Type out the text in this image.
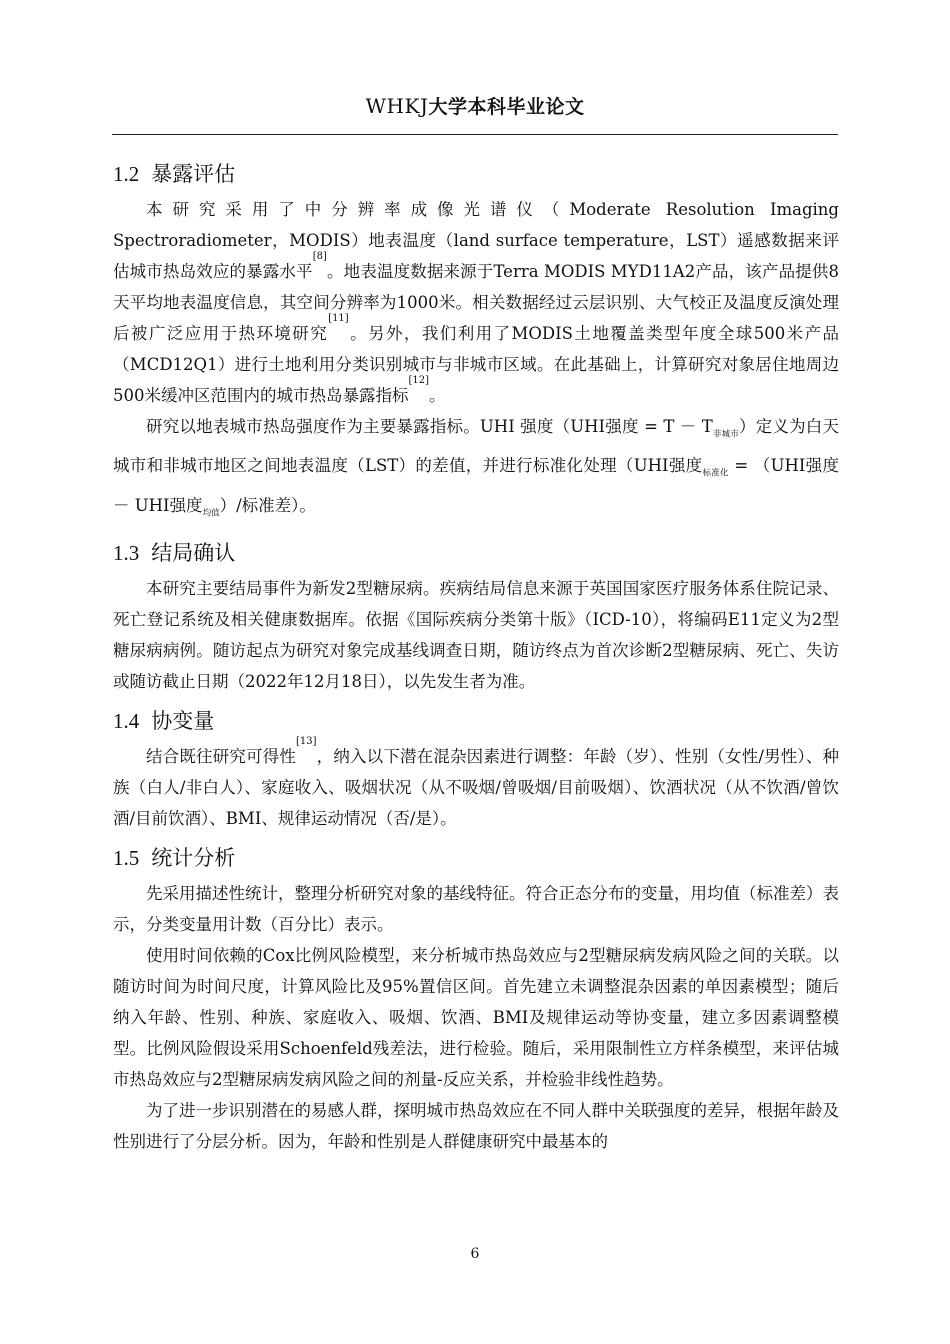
WHKJ大学本科毕业论文
1.2 暴露评估

本研究采用了中分辨率成像光谱仪（Moderate Resolution Imaging Spectroradiometer，MODIS）地表温度（land surface temperature，LST）遥感数据来评估城市热岛效应的暴露水平[8]。地表温度数据来源于Terra MODIS MYD11A2产品，该产品提供8天平均地表温度信息，其空间分辨率为1000米。相关数据经过云层识别、大气校正及温度反演处理后被广泛应用于热环境研究[11]。另外，我们利用了MODIS土地覆盖类型年度全球500米产品（MCD12Q1）进行土地利用分类识别城市与非城市区域。在此基础上，计算研究对象居住地周边500米缓冲区范围内的城市热岛暴露指标[12]。

研究以地表城市热岛强度作为主要暴露指标。UHI 强度（UHI强度 = $T - T_{非城市}$）定义为白天城市和非城市地区之间地表温度（LST）的差值，并进行标准化处理（UHI强度$_{标准化}$ = （UHI强度 － UHI强度$_{均值}$）/标准差）。

1.3 结局确认

本研究主要结局事件为新发2型糖尿病。疾病结局信息来源于英国国家医疗服务体系住院记录、死亡登记系统及相关健康数据库。依据《国际疾病分类第十版》（ICD-10），将编码E11定义为2型糖尿病病例。随访起点为研究对象完成基线调查日期，随访终点为首次诊断2型糖尿病、死亡、失访或随访截止日期（2022年12月18日），以先发生者为准。

1.4 协变量

结合既往研究可得性[13]，纳入以下潜在混杂因素进行调整：年龄（岁）、性别（女性/男性）、种族（白人/非白人）、家庭收入、吸烟状况（从不吸烟/曾吸烟/目前吸烟）、饮酒状况（从不饮酒/曾饮酒/目前饮酒）、BMI、规律运动情况（否/是）。

1.5 统计分析

先采用描述性统计，整理分析研究对象的基线特征。符合正态分布的变量，用均值（标准差）表示，分类变量用计数（百分比）表示。

使用时间依赖的Cox比例风险模型，来分析城市热岛效应与2型糖尿病发病风险之间的关联。以随访时间为时间尺度，计算风险比及95%置信区间。首先建立未调整混杂因素的单因素模型；随后纳入年龄、性别、种族、家庭收入、吸烟、饮酒、BMI及规律运动等协变量，建立多因素调整模型。比例风险假设采用Schoenfeld残差法，进行检验。随后，采用限制性立方样条模型，来评估城市热岛效应与2型糖尿病发病风险之间的剂量-反应关系，并检验非线性趋势。

为了进一步识别潜在的易感人群，探明城市热岛效应在不同人群中关联强度的差异，根据年龄及性别进行了分层分析。因为，年龄和性别是人群健康研究中最基本的

6
